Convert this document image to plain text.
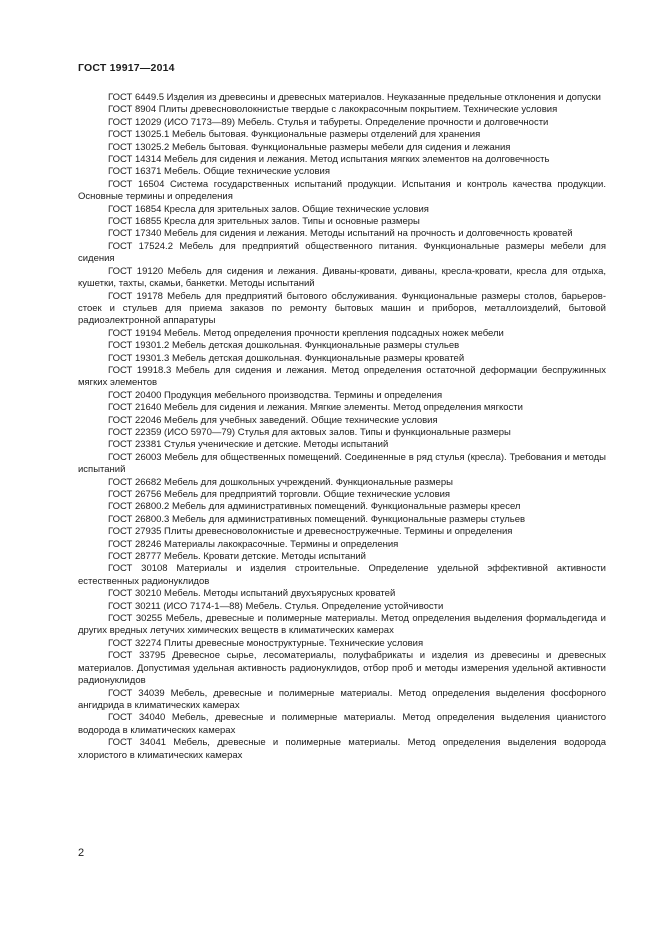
ГОСТ 19917—2014

ГОСТ 6449.5 Изделия из древесины и древесных материалов. Неуказанные предельные отклонения и допуски

ГОСТ 8904 Плиты древесноволокнистые твердые с лакокрасочным покрытием. Технические условия

ГОСТ 12029 (ИСО 7173—89) Мебель. Стулья и табуреты. Определение прочности и долговечности

ГОСТ 13025.1 Мебель бытовая. Функциональные размеры отделений для хранения

ГОСТ 13025.2 Мебель бытовая. Функциональные размеры мебели для сидения и лежания

ГОСТ 14314 Мебель для сидения и лежания. Метод испытания мягких элементов на долговечность

ГОСТ 16371 Мебель. Общие технические условия

ГОСТ 16504 Система государственных испытаний продукции. Испытания и контроль качества продукции. Основные термины и определения

ГОСТ 16854 Кресла для зрительных залов. Общие технические условия

ГОСТ 16855 Кресла для зрительных залов. Типы и основные размеры

ГОСТ 17340 Мебель для сидения и лежания. Методы испытаний на прочность и долговечность кроватей

ГОСТ 17524.2 Мебель для предприятий общественного питания. Функциональные размеры мебели для сидения

ГОСТ 19120 Мебель для сидения и лежания. Диваны-кровати, диваны, кресла-кровати, кресла для отдыха, кушетки, тахты, скамьи, банкетки. Методы испытаний

ГОСТ 19178 Мебель для предприятий бытового обслуживания. Функциональные размеры столов, барьеров-стоек и стульев для приема заказов по ремонту бытовых машин и приборов, металлоизделий, бытовой радиоэлектронной аппаратуры

ГОСТ 19194 Мебель. Метод определения прочности крепления подсадных ножек мебели

ГОСТ 19301.2 Мебель детская дошкольная. Функциональные размеры стульев

ГОСТ 19301.3 Мебель детская дошкольная. Функциональные размеры кроватей

ГОСТ 19918.3 Мебель для сидения и лежания. Метод определения остаточной деформации беспружинных мягких элементов

ГОСТ 20400 Продукция мебельного производства. Термины и определения

ГОСТ 21640 Мебель для сидения и лежания. Мягкие элементы. Метод определения мягкости

ГОСТ 22046 Мебель для учебных заведений. Общие технические условия

ГОСТ 22359 (ИСО 5970—79) Стулья для актовых залов. Типы и функциональные размеры

ГОСТ 23381 Стулья ученические и детские. Методы испытаний

ГОСТ 26003 Мебель для общественных помещений. Соединенные в ряд стулья (кресла). Требования и методы испытаний

ГОСТ 26682 Мебель для дошкольных учреждений. Функциональные размеры

ГОСТ 26756 Мебель для предприятий торговли. Общие технические условия

ГОСТ 26800.2 Мебель для административных помещений. Функциональные размеры кресел

ГОСТ 26800.3 Мебель для административных помещений. Функциональные размеры стульев

ГОСТ 27935 Плиты древесноволокнистые и древесностружечные. Термины и определения

ГОСТ 28246 Материалы лакокрасочные. Термины и определения

ГОСТ 28777 Мебель. Кровати детские. Методы испытаний

ГОСТ 30108 Материалы и изделия строительные. Определение удельной эффективной активности естественных радионуклидов

ГОСТ 30210 Мебель. Методы испытаний двухъярусных кроватей

ГОСТ 30211 (ИСО 7174-1—88) Мебель. Стулья. Определение устойчивости

ГОСТ 30255 Мебель, древесные и полимерные материалы. Метод определения выделения формальдегида и других вредных летучих химических веществ в климатических камерах

ГОСТ 32274 Плиты древесные моноструктурные. Технические условия

ГОСТ 33795 Древесное сырье, лесоматериалы, полуфабрикаты и изделия из древесины и древесных материалов. Допустимая удельная активность радионуклидов, отбор проб и методы измерения удельной активности радионуклидов

ГОСТ 34039 Мебель, древесные и полимерные материалы. Метод определения выделения фосфорного ангидрида в климатических камерах

ГОСТ 34040 Мебель, древесные и полимерные материалы. Метод определения выделения цианистого водорода в климатических камерах

ГОСТ 34041 Мебель, древесные и полимерные материалы. Метод определения выделения водорода хлористого в климатических камерах

2
